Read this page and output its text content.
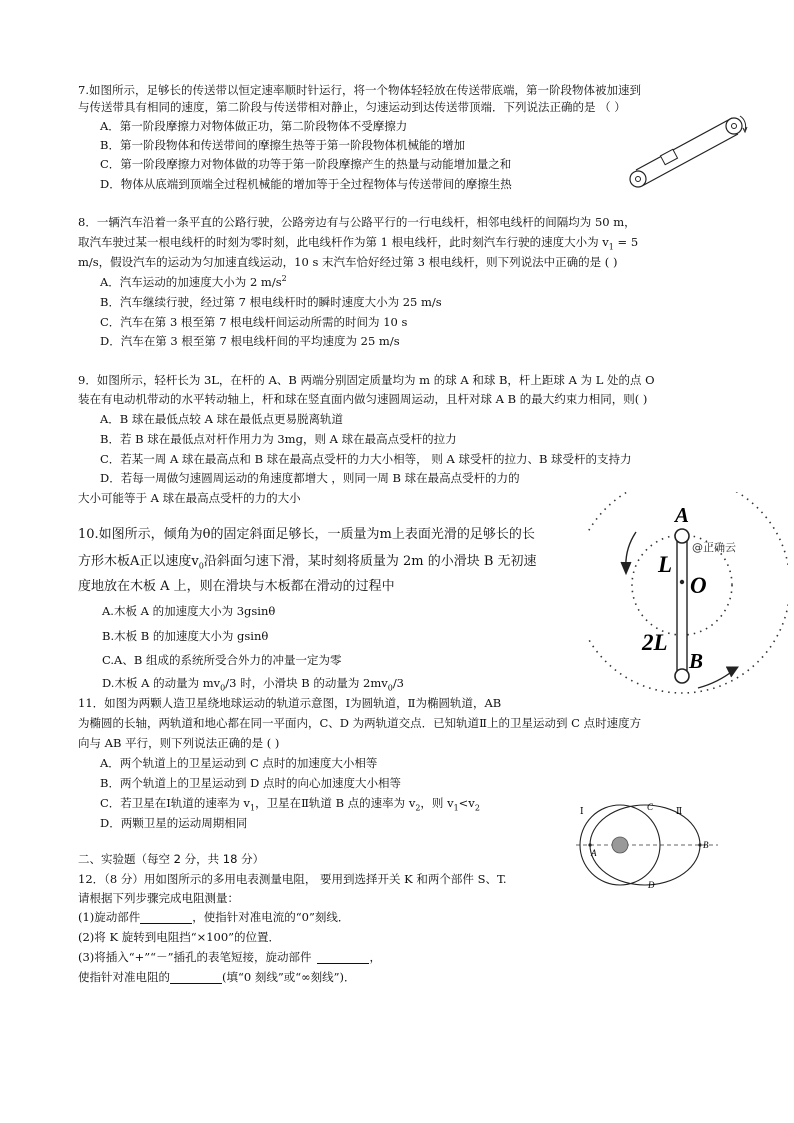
7.如图所示，足够长的传送带以恒定速率顺时针运行，将一个物体轻轻放在传送带底端，第一阶段物体被加速到
与传送带具有相同的速度，第二阶段与传送带相对静止，匀速运动到达传送带顶端．下列说法正确的是 （ ）
A．第一阶段摩擦力对物体做正功，第二阶段物体不受摩擦力
B．第一阶段物体和传送带间的摩擦生热等于第一阶段物体机械能的增加
C．第一阶段摩擦力对物体做的功等于第一阶段摩擦产生的热量与动能增加量之和
D．物体从底端到顶端全过程机械能的增加等于全过程物体与传送带间的摩擦生热
8．一辆汽车沿着一条平直的公路行驶，公路旁边有与公路平行的一行电线杆，相邻电线杆的间隔均为 50 m，
取汽车驶过某一根电线杆的时刻为零时刻，此电线杆作为第 1 根电线杆，此时刻汽车行驶的速度大小为 $v_1 = 5$
m/s，假设汽车的运动为匀加速直线运动，10 s 末汽车恰好经过第 3 根电线杆，则下列说法中正确的是 ( )
A．汽车运动的加速度大小为 2 $m/s^2$
B．汽车继续行驶，经过第 7 根电线杆时的瞬时速度大小为 25 m/s
C．汽车在第 3 根至第 7 根电线杆间运动所需的时间为 10 s
D．汽车在第 3 根至第 7 根电线杆间的平均速度为 25 m/s
9．如图所示，轻杆长为 3L，在杆的 A、B 两端分别固定质量均为 m 的球 A 和球 B，杆上距球 A 为 L 处的点 O
装在有电动机带动的水平转动轴上，杆和球在竖直面内做匀速圆周运动，且杆对球 A B 的最大约束力相同，则( )
A．B 球在最低点较 A 球在最低点更易脱离轨道
B．若 B 球在最低点对杆作用力为 3mg，则 A 球在最高点受杆的拉力
C．若某一周 A 球在最高点和 B 球在最高点受杆的力大小相等， 则 A 球受杆的拉力、B 球受杆的支持力
D．若每一周做匀速圆周运动的角速度都增大 ，则同一周 B 球在最高点受杆的力的
大小可能等于 A 球在最高点受杆的力的大小
A
L
O
2L
B
@正确云
10.如图所示，倾角为θ的固定斜面足够长，一质量为m上表面光滑的足够长的长
方形木板A正以速度$v_0$沿斜面匀速下滑，某时刻将质量为 2m 的小滑块 B 无初速
度地放在木板 A 上，则在滑块与木板都在滑动的过程中
A.木板 A 的加速度大小为 3gsinθ
B.木板 B 的加速度大小为 gsinθ
C.A、B 组成的系统所受合外力的冲量一定为零
D.木板 A 的动量为 $mv_0/3$ 时，小滑块 B 的动量为 $2mv_0/3$
11．如图为两颗人造卫星绕地球运动的轨道示意图，Ⅰ为圆轨道，Ⅱ为椭圆轨道，AB
为椭圆的长轴，两轨道和地心都在同一平面内，C、D 为两轨道交点．已知轨道Ⅱ上的卫星运动到 C 点时速度方
向与 AB 平行，则下列说法正确的是 ( )
A．两个轨道上的卫星运动到 C 点时的加速度大小相等
B．两个轨道上的卫星运动到 D 点时的向心加速度大小相等
C．若卫星在Ⅰ轨道的速率为 $v_1$，卫星在Ⅱ轨道 B 点的速率为 $v_2$，则 $v_1<v_2$
D．两颗卫星的运动周期相同
Ⅰ	Ⅱ
C
A
B
D
二、实验题（每空 2 分，共 18 分）
12．（8 分）用如图所示的多用电表测量电阻， 要用到选择开关 K 和两个部件 S、T.
请根据下列步骤完成电阻测量：
(1)旋动部件	，使指针对准电流的“0”刻线．
(2)将 K 旋转到电阻挡“×100”的位置．
(3)将插入“+”“－”插孔的表笔短接，旋动部件	，
使指针对准电阻的	(填“0 刻线”或“∞刻线”)．
